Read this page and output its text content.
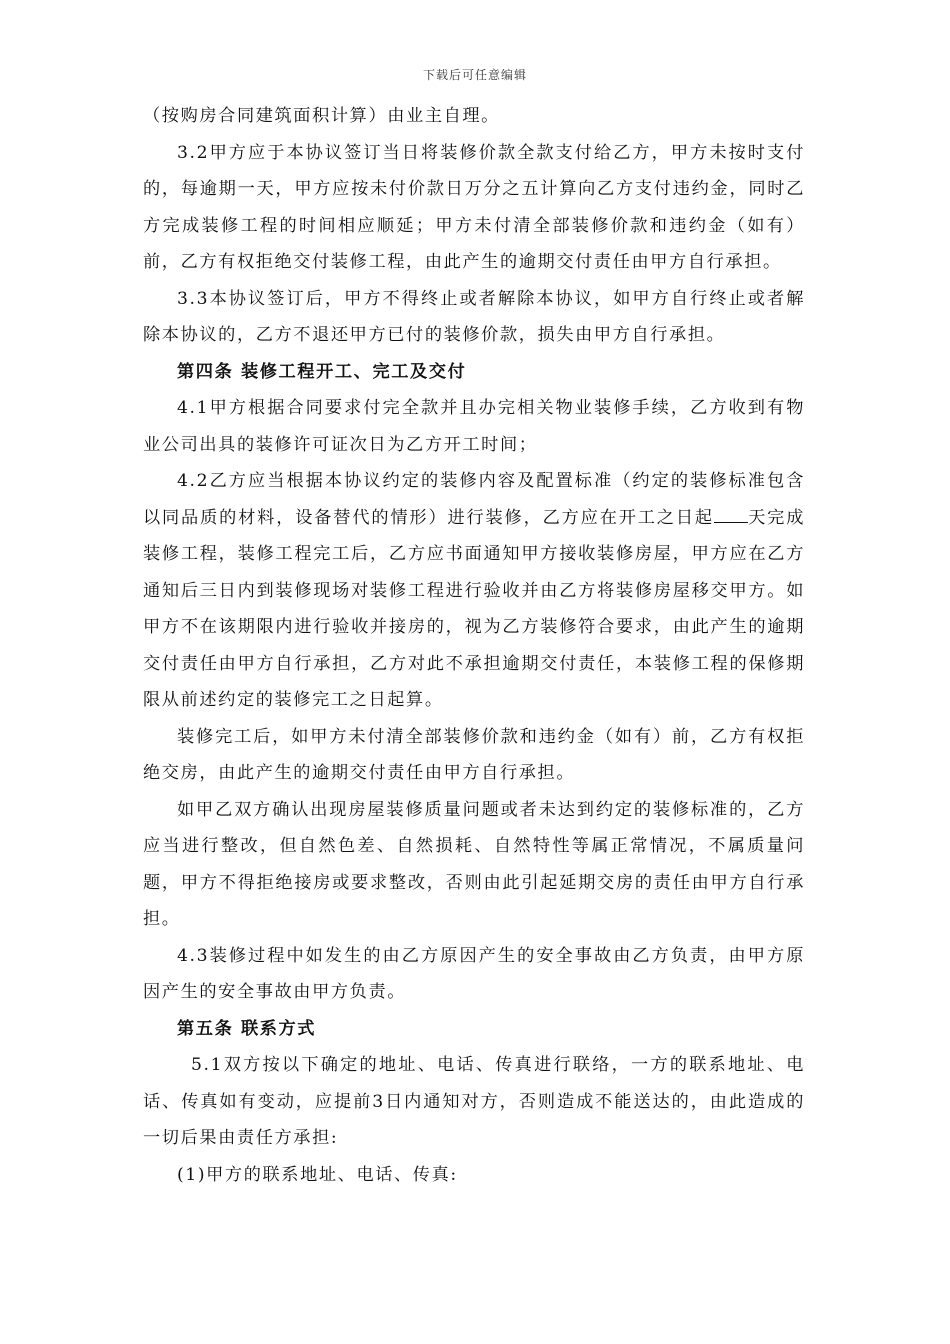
下载后可任意编辑

（按购房合同建筑面积计算）由业主自理。

3.2甲方应于本协议签订当日将装修价款全款支付给乙方，甲方未按时支付的，每逾期一天，甲方应按未付价款日万分之五计算向乙方支付违约金，同时乙方完成装修工程的时间相应顺延；甲方未付清全部装修价款和违约金（如有）前，乙方有权拒绝交付装修工程，由此产生的逾期交付责任由甲方自行承担。

3.3本协议签订后，甲方不得终止或者解除本协议，如甲方自行终止或者解除本协议的，乙方不退还甲方已付的装修价款，损失由甲方自行承担。

第四条 装修工程开工、完工及交付

4.1甲方根据合同要求付完全款并且办完相关物业装修手续，乙方收到有物业公司出具的装修许可证次日为乙方开工时间；

4.2乙方应当根据本协议约定的装修内容及配置标准（约定的装修标准包含以同品质的材料，设备替代的情形）进行装修，乙方应在开工之日起 天完成装修工程，装修工程完工后，乙方应书面通知甲方接收装修房屋，甲方应在乙方通知后三日内到装修现场对装修工程进行验收并由乙方将装修房屋移交甲方。如甲方不在该期限内进行验收并接房的，视为乙方装修符合要求，由此产生的逾期交付责任由甲方自行承担，乙方对此不承担逾期交付责任，本装修工程的保修期限从前述约定的装修完工之日起算。

装修完工后，如甲方未付清全部装修价款和违约金（如有）前，乙方有权拒绝交房，由此产生的逾期交付责任由甲方自行承担。

如甲乙双方确认出现房屋装修质量问题或者未达到约定的装修标准的，乙方应当进行整改，但自然色差、自然损耗、自然特性等属正常情况，不属质量问题，甲方不得拒绝接房或要求整改，否则由此引起延期交房的责任由甲方自行承担。

4.3装修过程中如发生的由乙方原因产生的安全事故由乙方负责，由甲方原因产生的安全事故由甲方负责。

第五条 联系方式

5.1双方按以下确定的地址、电话、传真进行联络，一方的联系地址、电话、传真如有变动，应提前3日内通知对方，否则造成不能送达的，由此造成的一切后果由责任方承担:

(1)甲方的联系地址、电话、传真:
